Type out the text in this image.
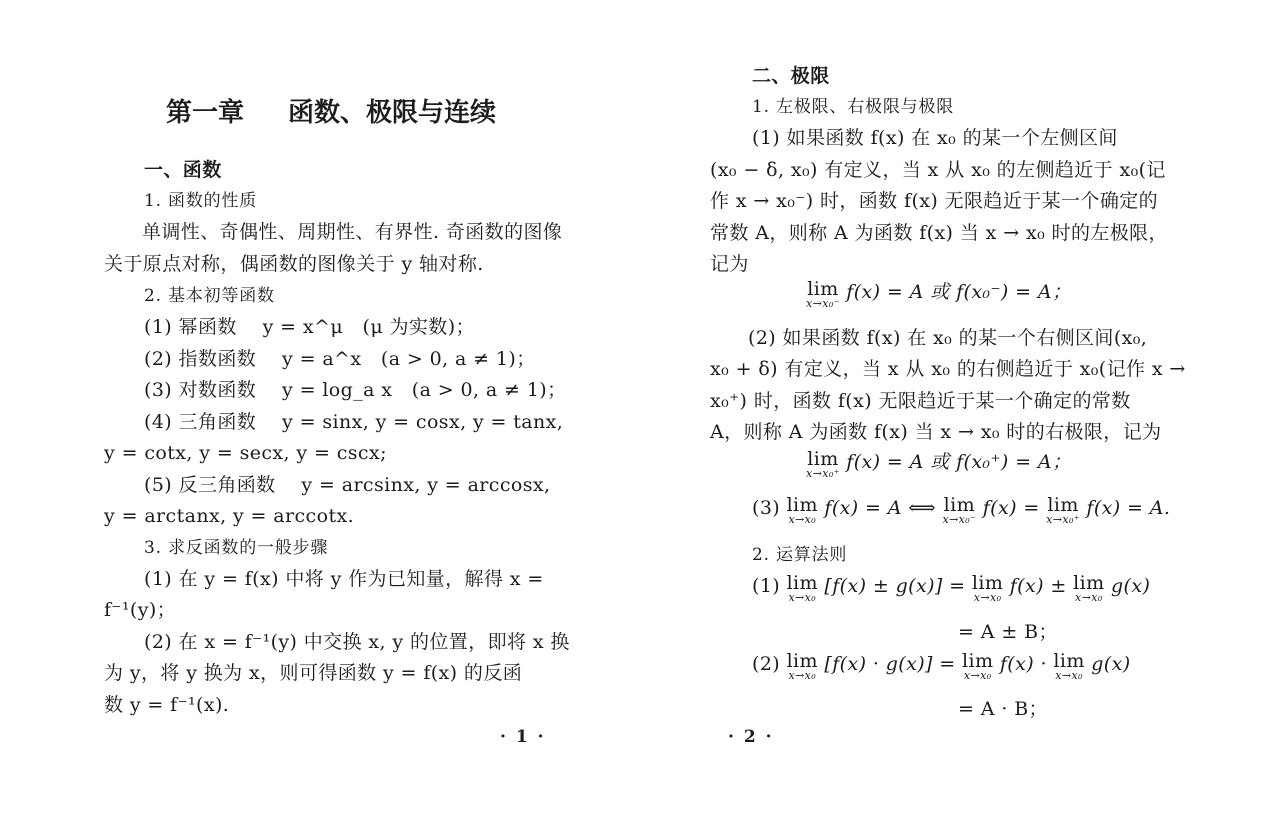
第一章 函数、极限与连续
一、函数
1. 函数的性质
单调性、奇偶性、周期性、有界性. 奇函数的图像
关于原点对称，偶函数的图像关于 y 轴对称.
2. 基本初等函数
(1) 幂函数　 y = x^μ　(μ 为实数)；
(2) 指数函数　 y = a^x　(a > 0, a ≠ 1)；
(3) 对数函数　 y = log_a x　(a > 0, a ≠ 1)；
(4) 三角函数　 y = sinx, y = cosx, y = tanx,
y = cotx, y = secx, y = cscx;
(5) 反三角函数　 y = arcsinx, y = arccosx,
y = arctanx, y = arccotx.
3. 求反函数的一般步骤
(1) 在 y = f(x) 中将 y 作为已知量，解得 x =
f⁻¹(y)；
(2) 在 x = f⁻¹(y) 中交换 x, y 的位置，即将 x 换
为 y，将 y 换为 x，则可得函数 y = f(x) 的反函
数 y = f⁻¹(x).
· 1 ·
二、极限
1. 左极限、右极限与极限
(1) 如果函数 f(x) 在 x₀ 的某一个左侧区间
(x₀ − δ, x₀) 有定义，当 x 从 x₀ 的左侧趋近于 x₀(记
作 x → x₀⁻) 时，函数 f(x) 无限趋近于某一个确定的
常数 A，则称 A 为函数 f(x) 当 x → x₀ 时的左极限，
记为
lim
x→x₀⁻
f(x) = A 或 f(x₀⁻) = A；
(2) 如果函数 f(x) 在 x₀ 的某一个右侧区间(x₀,
x₀ + δ) 有定义，当 x 从 x₀ 的右侧趋近于 x₀(记作 x →
x₀⁺) 时，函数 f(x) 无限趋近于某一个确定的常数
A，则称 A 为函数 f(x) 当 x → x₀ 时的右极限，记为
lim
x→x₀⁺
f(x) = A 或 f(x₀⁺) = A；
(3) lim
x→x₀
f(x) = A ⟺ lim
x→x₀⁻
f(x) = lim
x→x₀⁺
f(x) = A.
2. 运算法则
(1) lim
x→x₀
[f(x) ± g(x)] = lim
x→x₀
f(x) ± lim
x→x₀
g(x)
= A ± B；
(2) lim
x→x₀
[f(x) · g(x)] = lim
x→x₀
f(x) · lim
x→x₀
g(x)
= A · B；
· 2 ·
